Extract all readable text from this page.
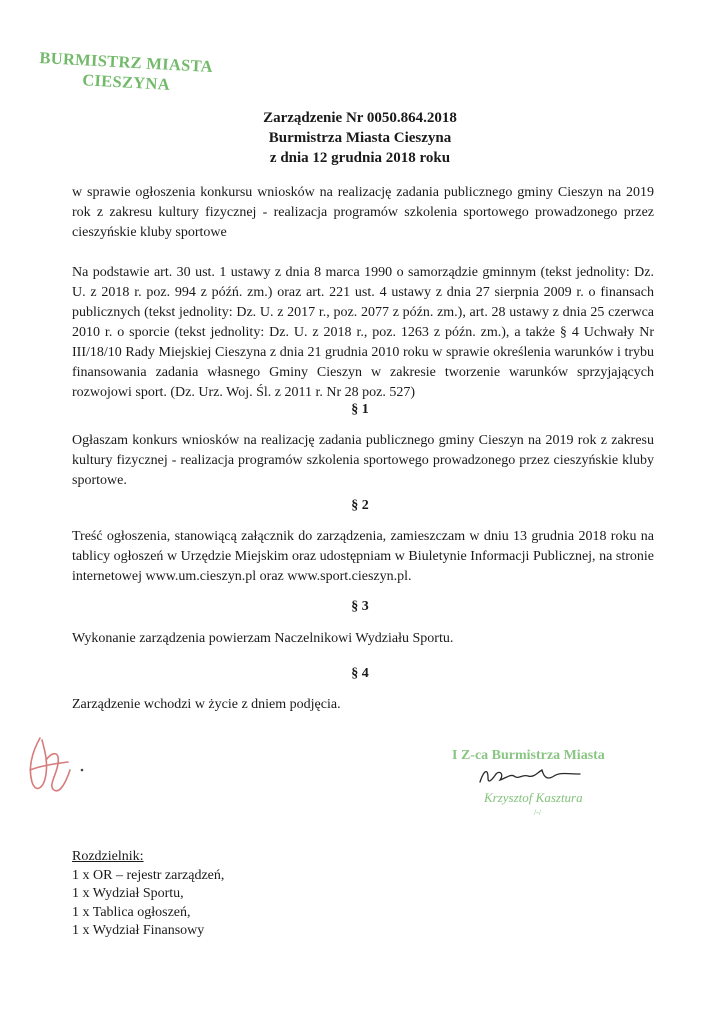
BURMISTRZ MIASTA
CIESZYNA
Zarządzenie Nr 0050.864.2018
Burmistrza Miasta Cieszyna
z dnia 12 grudnia 2018 roku
w sprawie ogłoszenia konkursu wniosków na realizację zadania publicznego gminy Cieszyn na 2019 rok z zakresu kultury fizycznej - realizacja programów szkolenia sportowego prowadzonego przez cieszyńskie kluby sportowe
Na podstawie art. 30 ust. 1 ustawy z dnia 8 marca 1990 o samorządzie gminnym (tekst jednolity: Dz. U. z 2018 r. poz. 994 z późń. zm.) oraz art. 221 ust. 4 ustawy z dnia 27 sierpnia 2009 r. o finansach publicznych (tekst jednolity: Dz. U. z 2017 r., poz. 2077 z późn. zm.), art. 28 ustawy z dnia 25 czerwca 2010 r. o sporcie (tekst jednolity: Dz. U. z 2018 r., poz. 1263 z późn. zm.), a także § 4 Uchwały Nr III/18/10 Rady Miejskiej Cieszyna z dnia 21 grudnia 2010 roku w sprawie określenia warunków i trybu finansowania zadania własnego Gminy Cieszyn w zakresie tworzenie warunków sprzyjających rozwojowi sport. (Dz. Urz. Woj. Śl. z 2011 r. Nr 28 poz. 527)
§ 1
Ogłaszam konkurs wniosków na realizację zadania publicznego gminy Cieszyn na 2019 rok z zakresu kultury fizycznej - realizacja programów szkolenia sportowego prowadzonego przez cieszyńskie kluby sportowe.
§ 2
Treść ogłoszenia, stanowiącą załącznik do zarządzenia, zamieszczam w dniu 13 grudnia 2018 roku na tablicy ogłoszeń w Urzędzie Miejskim oraz udostępniam w Biuletynie Informacji Publicznej, na stronie internetowej www.um.cieszyn.pl oraz www.sport.cieszyn.pl.
§ 3
Wykonanie zarządzenia powierzam Naczelnikowi Wydziału Sportu.
§ 4
Zarządzenie wchodzi w życie z dniem podjęcia.
I Z-ca Burmistrza Miasta
Krzysztof Kasztura
/-/
Rozdzielnik:
1 x OR – rejestr zarządzeń,
1 x Wydział Sportu,
1 x Tablica ogłoszeń,
1 x Wydział Finansowy
